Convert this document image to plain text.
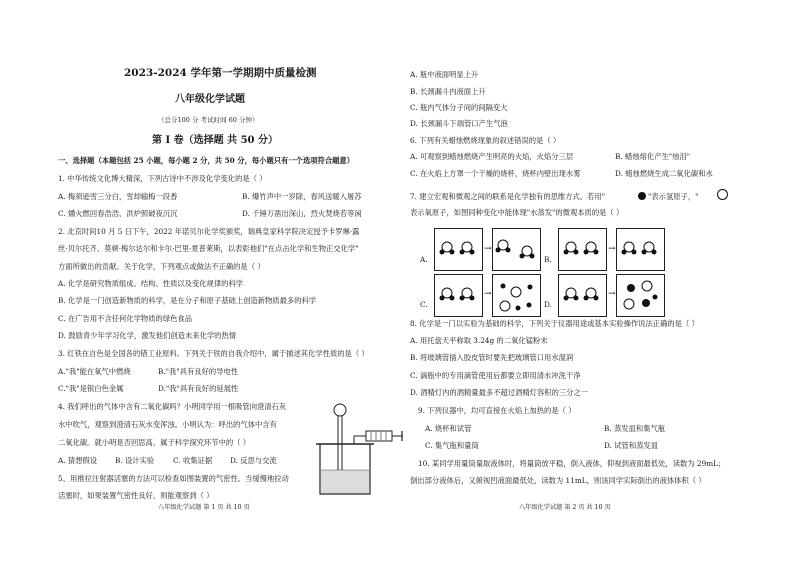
2023-2024 学年第一学期期中质量检测
八年级化学试题
（总分100 分 考试时间 60 分钟）
第 I 卷（选择题 共 50 分）
一、选择题（本题包括 25 小题，每小题 2 分，共 50 分，每小题只有一个选项符合题意）
1. 中华传统文化博大精深，下列古诗中不涉及化学变化的是（ ）
A. 梅须逊雪三分白，雪却输梅一段香	B. 爆竹声中一岁除，春风送暖入屠苏
C. 爝火燃回春浩浩，洪炉照破夜沉沉	D. 千锤万凿出深山，烈火焚烧若等闲
2. 北京时间10 月 5 日下午，2022 年诺贝尔化学奖颁奖，瑞典皇家科学院决定授予卡罗琳·露
丝·贝尔托齐、莫顿·梅尔达尔和卡尔·巴里·夏普莱斯，以表彰他们"在点击化学和生物正交化学"
方面所做出的贡献。关于化学，下列观点或做法不正确的是（ ）
A. 化学是研究物质组成、结构、性质以及变化规律的科学
B. 化学是一门创造新物质的科学，是在分子和原子基础上创造新物质最多的科学
C. 在广告用不含任何化学物质的绿色食品
D. 鼓励青少年学习化学，激发他们创造未来化学的热情
3. 红铁在自色是全国各的错工业原料。下列关于铁的自我介绍中，属于描述其化学性质的是（ ）
A."我"能在氧气中燃烧	B."我"具有良好的导电性
C."我"是银白色金属	D."我"具有良好的延展性
4. 我们呼出的气体中含有二氧化碳吗？小明同学用一根吸管向澄清石灰
水中吹气，观察到澄清石灰水变浑浊。小明认为：呼出的气体中含有
二氧化碳。就小明是否回思高，属于科学探究环节中的（ ）
A. 猜想假设 B. 设计实验	C. 收集证据 D. 反思与交流
5、用推拉注射器活塞的方法可以检查如图装置的气密性。当缓慢地拉动
活塞时，如果装置气密性良好，则能观察到（ ）
八年级化学试题 第 1 页 共 10 页
A. 瓶中液面明显上升
B. 长颈漏斗内液面上升
C. 瓶内气体分子间的间隔变大
D. 长颈漏斗下端管口产生气泡
6. 下列有关蜡烛燃烧现象的叙述错误的是（ ）
A. 可观察到蜡烛燃烧产生明亮的火焰，火焰分三层	B. 蜡烛熔化产生"烛泪"
C. 在火焰上方罩一个干燥的烧杯，烧杯内壁出现水雾	D. 蜡烛燃烧生成二氧化碳和水
7. 建立宏观和微观之间的联系是化学独有的思维方式。若用"	"表示氢原子，"
表示氧原子，如图同种变化中能体现"水蒸发"的微观本质的是（ ）
A.
→
B.
→
C.
→
D.
→
8. 化学是一门以实验为基础的科学，下列关于仪器用途或基本实验操作说法正确的是（ ）
A. 用托盘天平称取 3.24g 的二氧化锰粉末
B. 将玻璃管插入胶皮管时要先把玻璃管口用水湿润
C. 滴瓶中的专用滴管使用后都要立即用清水冲洗干净
D. 酒精灯内的酒精量最多不超过酒精灯容积的三分之一
9. 下列仪器中，均可直接在火焰上加热的是（ ）
A. 烧杯和试管	B. 蒸发皿和集气瓶
C. 集气瓶和量筒	D. 试管和蒸发皿
10. 某同学用量筒量取液体时，将量筒放平稳，倒入液体，仰视到液面最低处，读数为 29mL；
倒出部分液体后，又俯视凹液面最低处，读数为 11mL，则该同学实际倒出的液体体积（ ）
八年级化学试题 第 2 页 共 10 页
